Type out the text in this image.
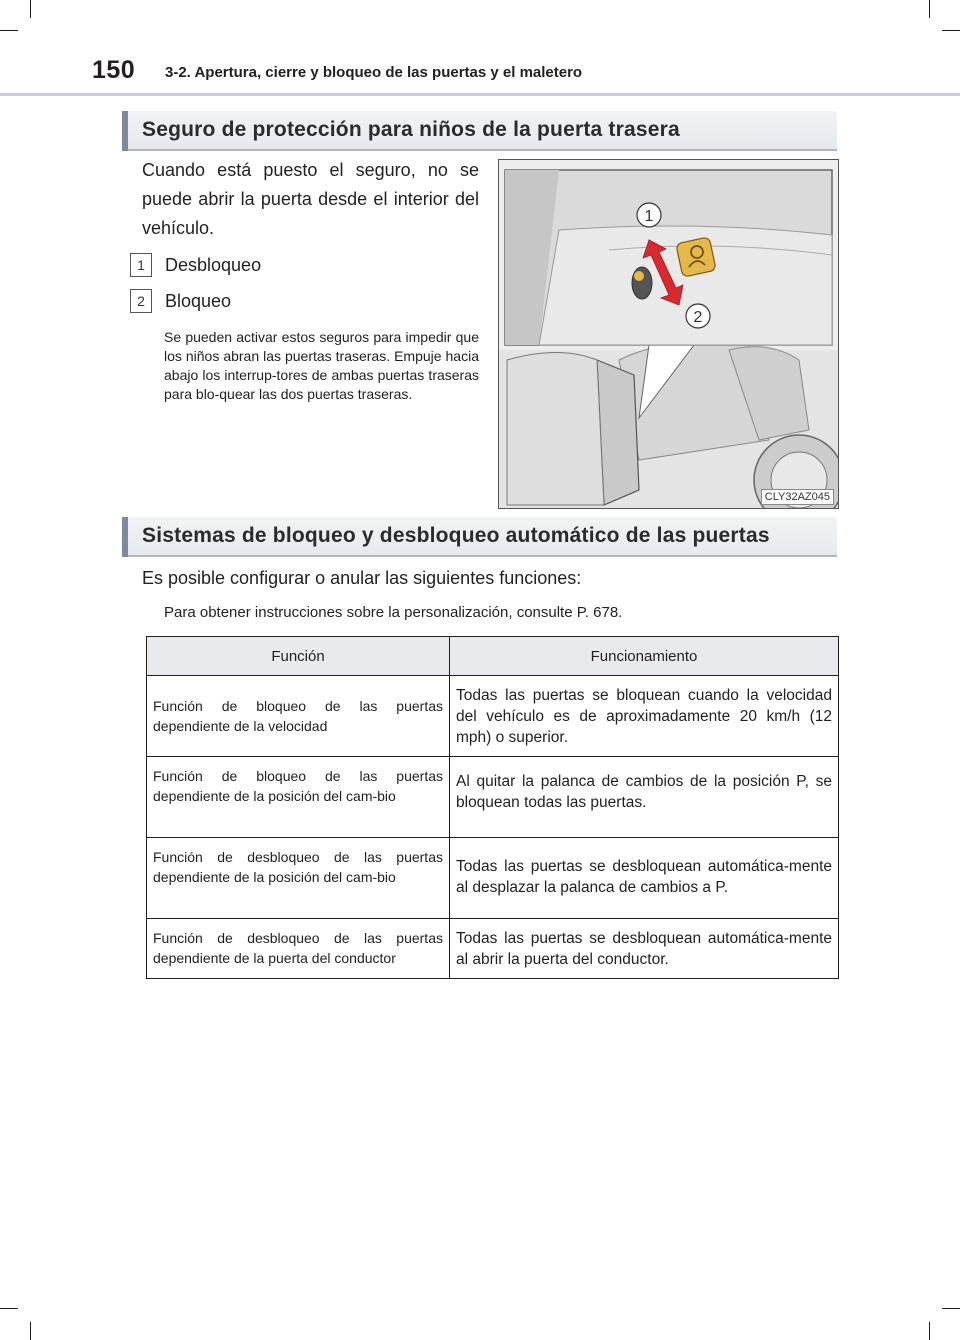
150 3-2. Apertura, cierre y bloqueo de las puertas y el maletero
Seguro de protección para niños de la puerta trasera
Cuando está puesto el seguro, no se puede abrir la puerta desde el interior del vehículo.
1	Desbloqueo
2	Bloqueo
Se pueden activar estos seguros para impedir que los niños abran las puertas traseras. Empuje hacia abajo los interrup-tores de ambas puertas traseras para blo-quear las dos puertas traseras.
1
2
CLY32AZ045
Sistemas de bloqueo y desbloqueo automático de las puertas
Es posible configurar o anular las siguientes funciones:
Para obtener instrucciones sobre la personalización, consulte P. 678.
Función	Funcionamiento
Función de bloqueo de las puertas dependiente de la velocidad	Todas las puertas se bloquean cuando la velocidad del vehículo es de aproximadamente 20 km/h (12 mph) o superior.
Función de bloqueo de las puertas dependiente de la posición del cam-bio	Al quitar la palanca de cambios de la posición P, se bloquean todas las puertas.
Función de desbloqueo de las puertas dependiente de la posición del cam-bio	Todas las puertas se desbloquean automática-mente al desplazar la palanca de cambios a P.
Función de desbloqueo de las puertas dependiente de la puerta del conductor	Todas las puertas se desbloquean automática-mente al abrir la puerta del conductor.
